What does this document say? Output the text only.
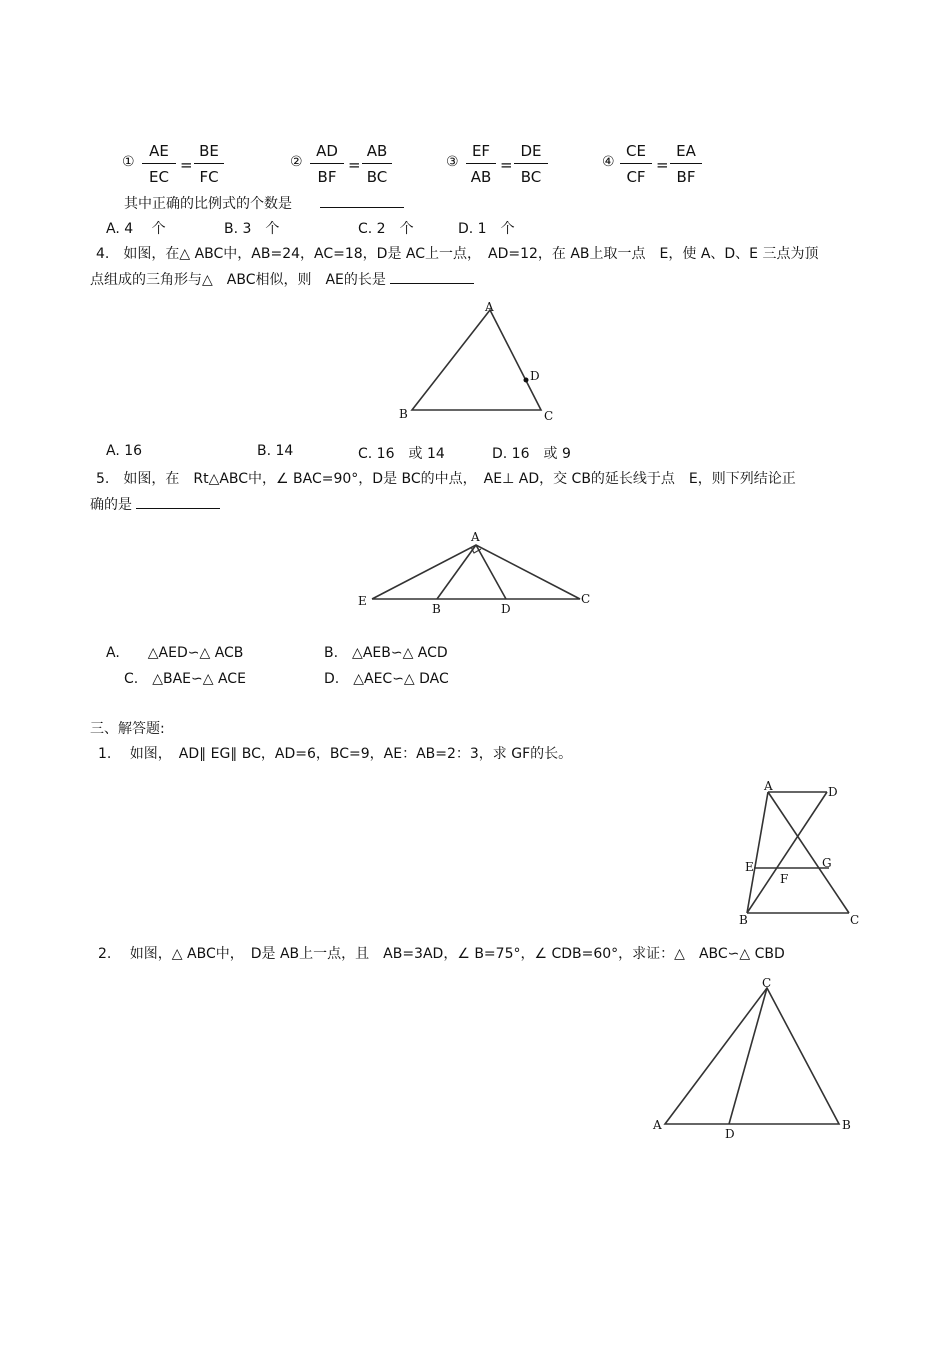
① $\frac{AE}{EC} = \frac{BE}{FC}$	② $\frac{AD}{BF} = \frac{AB}{BC}$	③ $\frac{EF}{AB} = \frac{DE}{BC}$	④ $\frac{CE}{CF} = \frac{EA}{BF}$
其中正确的比例式的个数是　　
A. 4　 个	B. 3　个	C. 2　个	D. 1　个
4.　如图，在△ ABC中，AB=24，AC=18，D是 AC上一点，　AD=12，在 AB上取一点　E，使 A、D、E 三点为顶
点组成的三角形与△　ABC相似，则　AE的长是
A
B	C
D
A. 16	B. 14	C. 16　或 14	D. 16　或 9
5.　如图，在　Rt△ABC中，∠ BAC=90°，D是 BC的中点，　AE⊥ AD，交 CB的延长线于点　E，则下列结论正
确的是
A
E
B	D
C
A.　　△AED∽△ ACB	B.　△AEB∽△ ACD
C.　△BAE∽△ ACE	D.　△AEC∽△ DAC
三、解答题:
1.　 如图，　AD∥ EG∥ BC，AD=6，BC=9，AE：AB=2：3，求 GF的长。
A	D
E	G
F
B	C
2.　 如图，△ ABC中，　D是 AB上一点，且　AB=3AD，∠ B=75°，∠ CDB=60°，求证：△　ABC∽△ CBD
C
A
D
B
